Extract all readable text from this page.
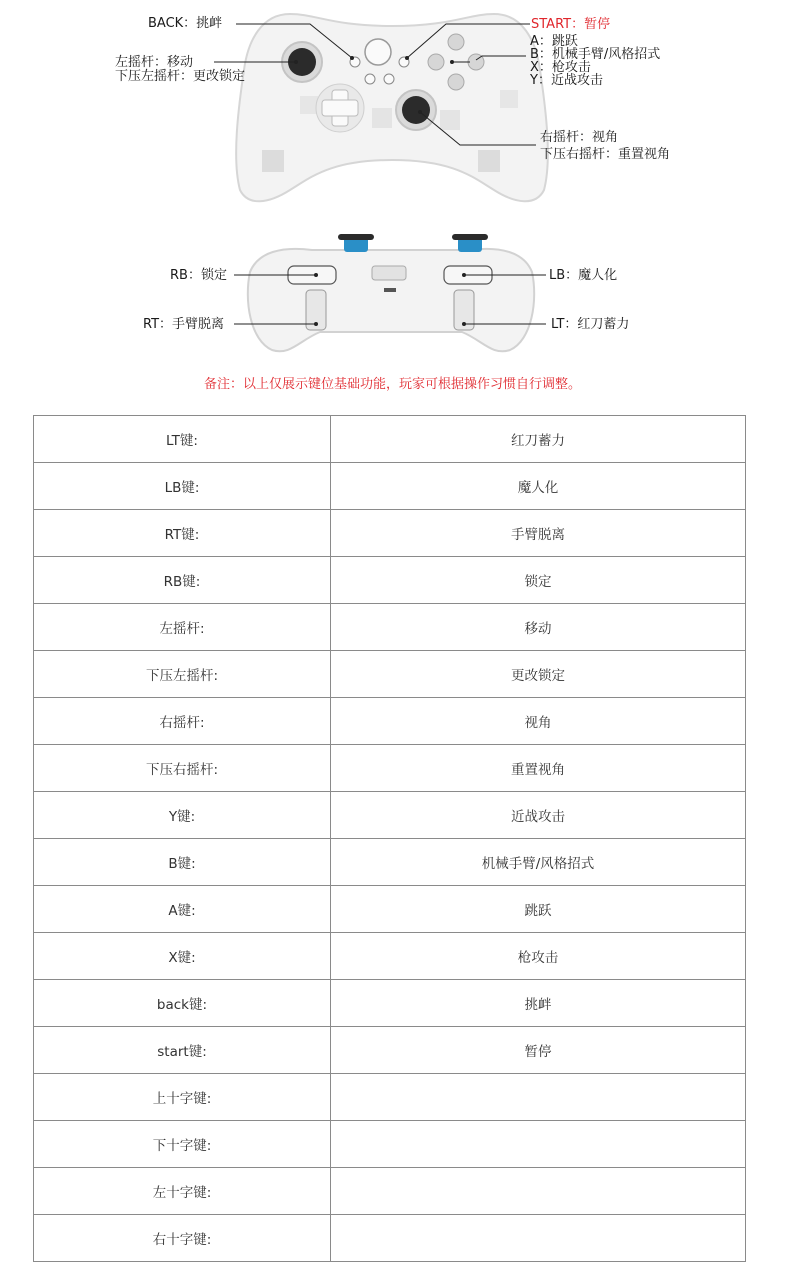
BACK：挑衅	START：暂停
左摇杆：移动
下压左摇杆：更改锁定
A：跳跃
B：机械手臂/风格招式
X：枪攻击
Y：近战攻击
右摇杆：视角
下压右摇杆：重置视角
RB：锁定	LB：魔人化
RT：手臂脱离	LT：红刀蓄力
备注：以上仅展示键位基础功能，玩家可根据操作习惯自行调整。
LT键:	红刀蓄力
LB键:	魔人化
RT键:	手臂脱离
RB键:	锁定
左摇杆:	移动
下压左摇杆:	更改锁定
右摇杆:	视角
下压右摇杆:	重置视角
Y键:	近战攻击
B键:	机械手臂/风格招式
A键:	跳跃
X键:	枪攻击
back键:	挑衅
start键:	暂停
上十字键:	
下十字键:	
左十字键:	
右十字键:	
